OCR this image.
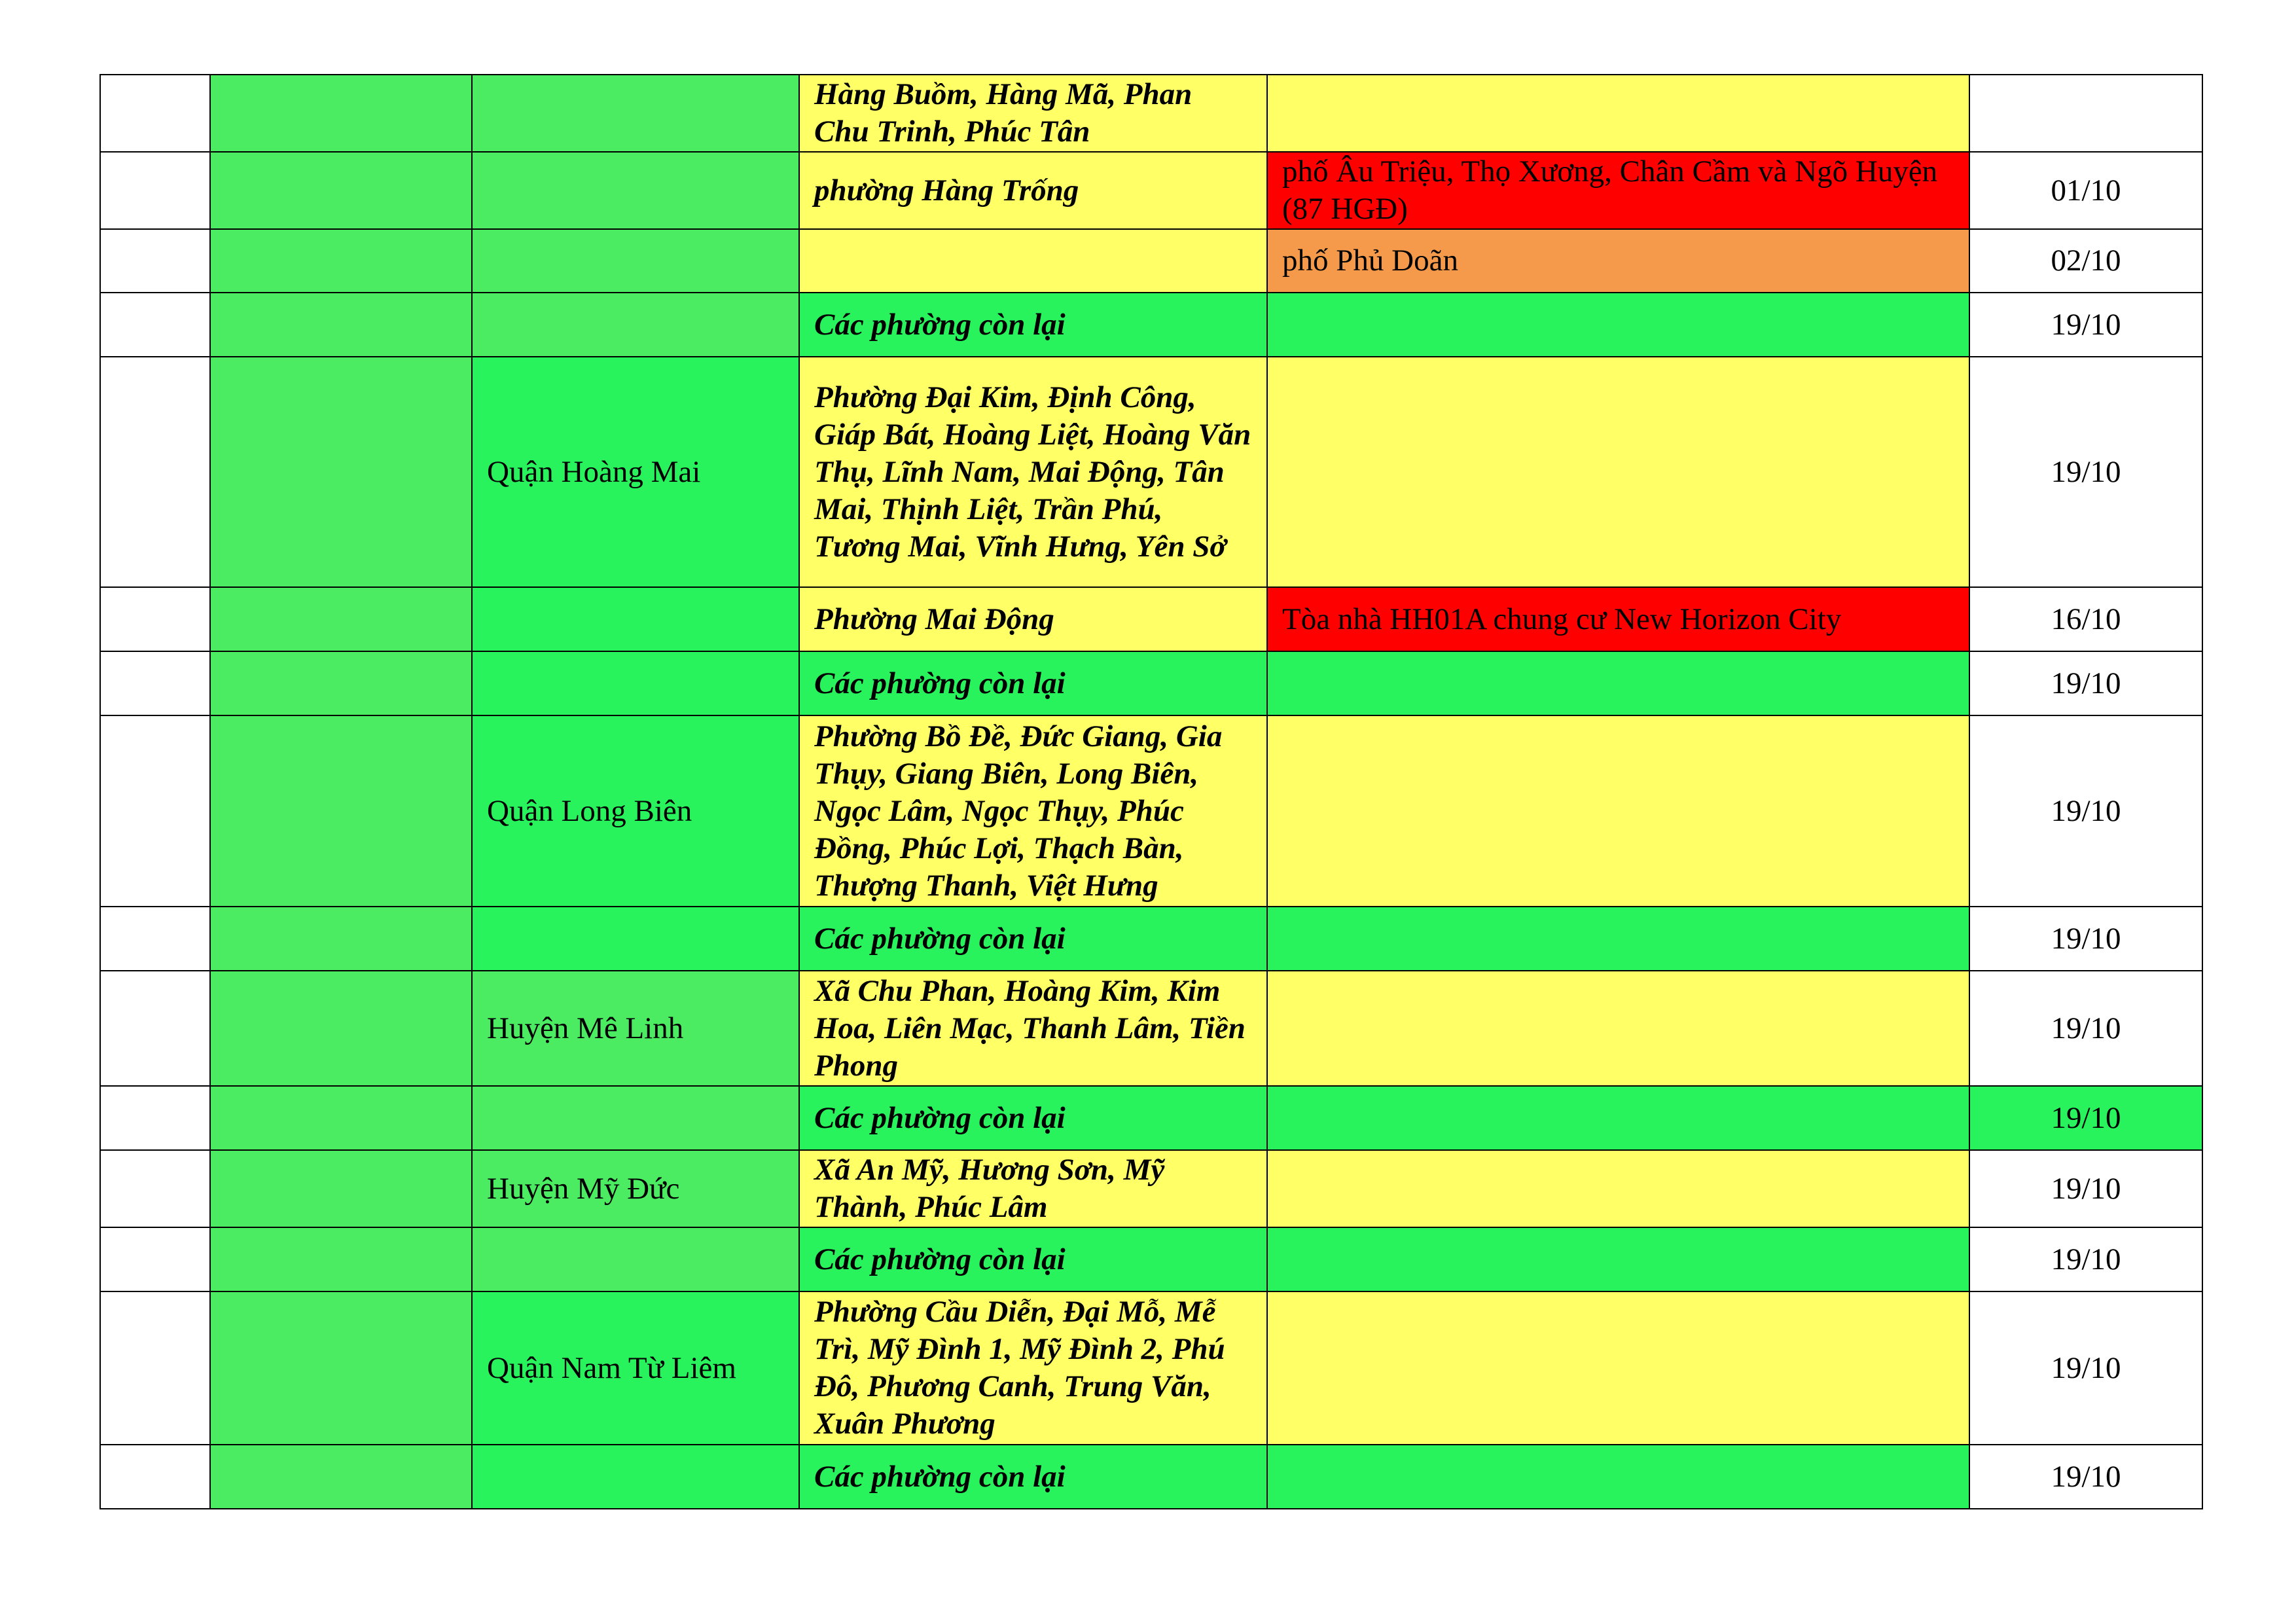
			Hàng Buồm, Hàng Mã, Phan Chu Trinh, Phúc Tân		
			phường Hàng Trống	phố Âu Triệu, Thọ Xương, Chân Cầm và Ngõ Huyện (87 HGĐ)	01/10
				phố Phủ Doãn	02/10
			Các phường còn lại		19/10
		Quận Hoàng Mai	Phường Đại Kim, Định Công, Giáp Bát, Hoàng Liệt, Hoàng Văn Thụ, Lĩnh Nam, Mai Động, Tân Mai, Thịnh Liệt, Trần Phú, Tương Mai, Vĩnh Hưng, Yên Sở		19/10
			Phường Mai Động	Tòa nhà HH01A chung cư New Horizon City	16/10
			Các phường còn lại		19/10
		Quận Long Biên	Phường Bồ Đề, Đức Giang, Gia Thụy, Giang Biên, Long Biên, Ngọc Lâm, Ngọc Thụy, Phúc Đồng, Phúc Lợi, Thạch Bàn, Thượng Thanh, Việt Hưng		19/10
			Các phường còn lại		19/10
		Huyện Mê Linh	Xã Chu Phan, Hoàng Kim, Kim Hoa, Liên Mạc, Thanh Lâm, Tiền Phong		19/10
			Các phường còn lại		19/10
		Huyện Mỹ Đức	Xã An Mỹ, Hương Sơn, Mỹ Thành, Phúc Lâm		19/10
			Các phường còn lại		19/10
		Quận Nam Từ Liêm	Phường Cầu Diễn, Đại Mỗ, Mễ Trì, Mỹ Đình 1, Mỹ Đình 2, Phú Đô, Phương Canh, Trung Văn, Xuân Phương		19/10
			Các phường còn lại		19/10
